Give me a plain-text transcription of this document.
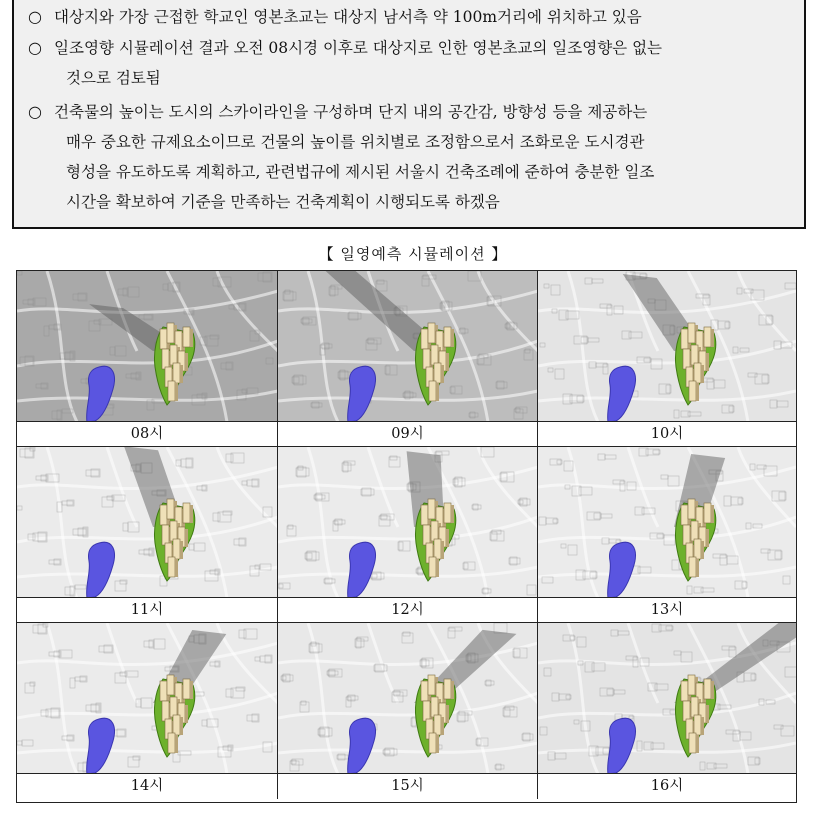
○ 대상지와 가장 근접한 학교인 영본초교는 대상지 남서측 약 100m거리에 위치하고 있음
○ 일조영향 시뮬레이션 결과 오전 08시경 이후로 대상지로 인한 영본초교의 일조영향은 없는
것으로 검토됨
○ 건축물의 높이는 도시의 스카이라인을 구성하며 단지 내의 공간감, 방향성 등을 제공하는
매우 중요한 규제요소이므로 건물의 높이를 위치별로 조정함으로서 조화로운 도시경관
형성을 유도하도록 계획하고, 관련법규에 제시된 서울시 건축조례에 준하여 충분한 일조
시간을 확보하여 기준을 만족하는 건축계획이 시행되도록 하겠음
【 일영예측 시뮬레이션 】
08시	09시	10시
11시	12시	13시
14시	15시	16시
